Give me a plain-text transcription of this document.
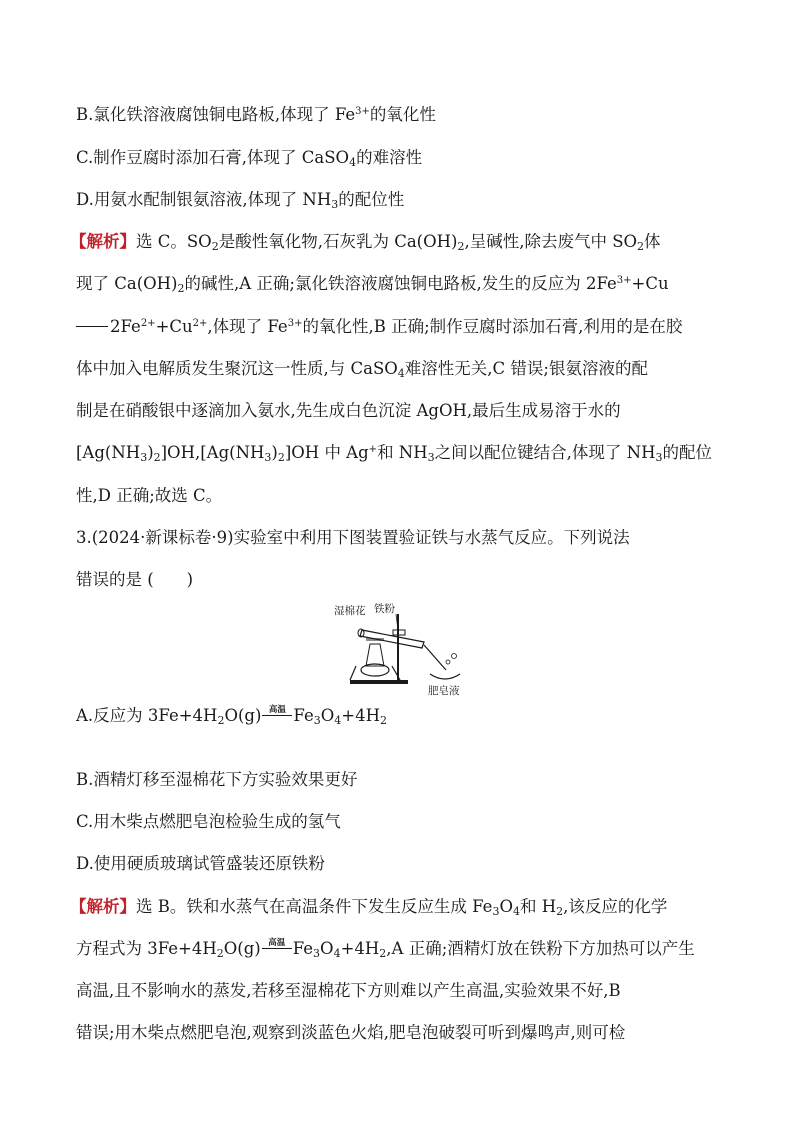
B.氯化铁溶液腐蚀铜电路板,体现了 $Fe^{3+}$的氧化性
C.制作豆腐时添加石膏,体现了 CaSO$_4$的难溶性
D.用氨水配制银氨溶液,体现了 $NH_3$的配位性
【解析】选 C。$SO_2$是酸性氧化物,石灰乳为 $Ca(OH)_2$,呈碱性,除去废气中 $SO_2$体
现了 $Ca(OH)_2$的碱性,A 正确;氯化铁溶液腐蚀铜电路板,发生的反应为 $2Fe^{3+}+Cu$
$2Fe^{2+}+Cu^{2+}$,体现了 $Fe^{3+}$的氧化性,B 正确;制作豆腐时添加石膏,利用的是在胶
体中加入电解质发生聚沉这一性质,与 CaSO$_4$难溶性无关,C 错误;银氨溶液的配
制是在硝酸银中逐滴加入氨水,先生成白色沉淀 AgOH,最后生成易溶于水的
$[Ag(NH_3)_2]OH,[Ag(NH_3)_2]OH$ 中 Ag+和 $NH_3$之间以配位键结合,体现了 $NH_3$的配位
性,D 正确;故选 C。
3.(2024·新课标卷·9)实验室中利用下图装置验证铁与水蒸气反应。下列说法
错误的是 (　　)
湿棉花 铁粉
肥皂液
A.反应为 $3Fe+4H_2O(g)$ 高温 $Fe_3O_4+4H_2$
B.酒精灯移至湿棉花下方实验效果更好
C.用木柴点燃肥皂泡检验生成的氢气
D.使用硬质玻璃试管盛装还原铁粉
【解析】选 B。铁和水蒸气在高温条件下发生反应生成 $Fe_3O_4$和 $H_2$,该反应的化学
方程式为 $3Fe+4H_2O(g)$ 高温 $Fe_3O_4+4H_2,A$ 正确;酒精灯放在铁粉下方加热可以产生
高温,且不影响水的蒸发,若移至湿棉花下方则难以产生高温,实验效果不好,B
错误;用木柴点燃肥皂泡,观察到淡蓝色火焰,肥皂泡破裂可听到爆鸣声,则可检
